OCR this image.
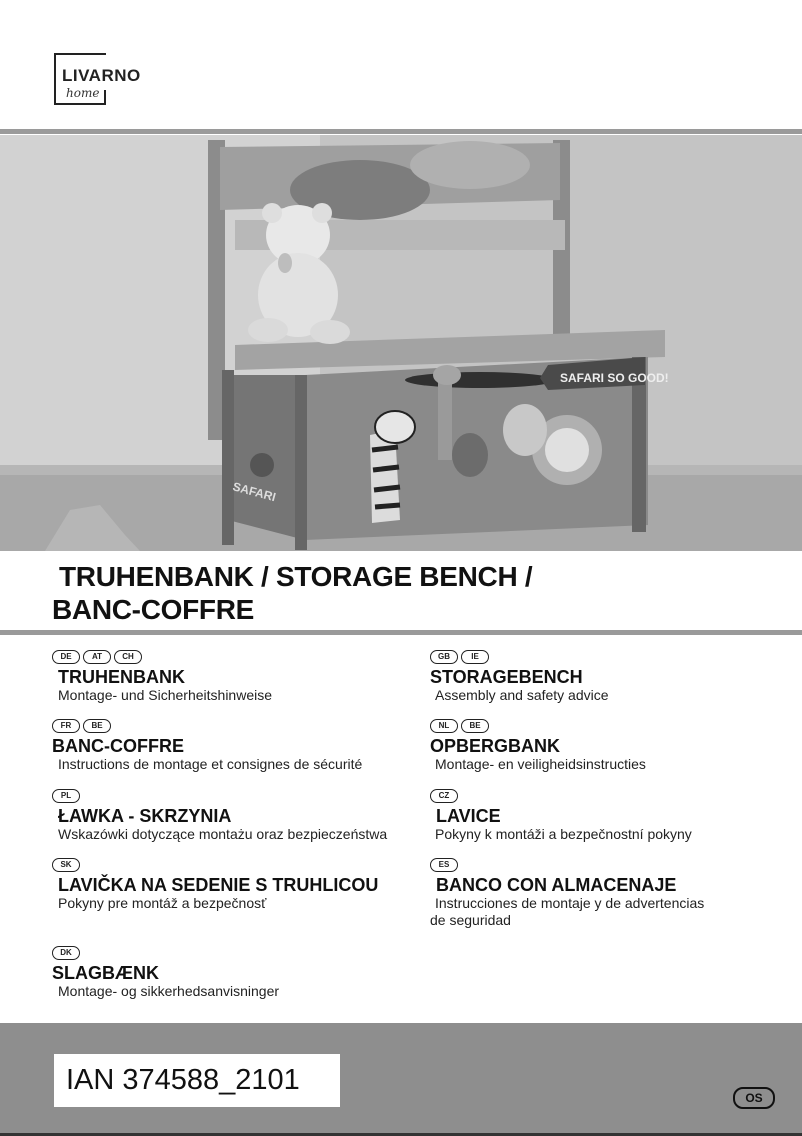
LIVARNO
home
SAFARI SO GOOD!
SAFARI
TRUHENBANK / STORAGE BENCH /
BANC-COFFRE
DE	AT	CH
TRUHENBANK
Montage- und Sicherheitshinweise
FR	BE
BANC-COFFRE
Instructions de montage et consignes de sécurité
PL
ŁAWKA - SKRZYNIA
Wskazówki dotyczące montażu oraz bezpieczeństwa
SK
LAVIČKA NA SEDENIE S TRUHLICOU
Pokyny pre montáž a bezpečnosť
DK
SLAGBÆNK
Montage- og sikkerhedsanvisninger
GB	IE
STORAGEBENCH
Assembly and safety advice
NL	BE
OPBERGBANK
Montage- en veiligheidsinstructies
CZ
LAVICE
Pokyny k montáži a bezpečnostní pokyny
ES
BANCO CON ALMACENAJE
Instrucciones de montaje y de advertencias
de seguridad
IAN 374588_2101
OS
